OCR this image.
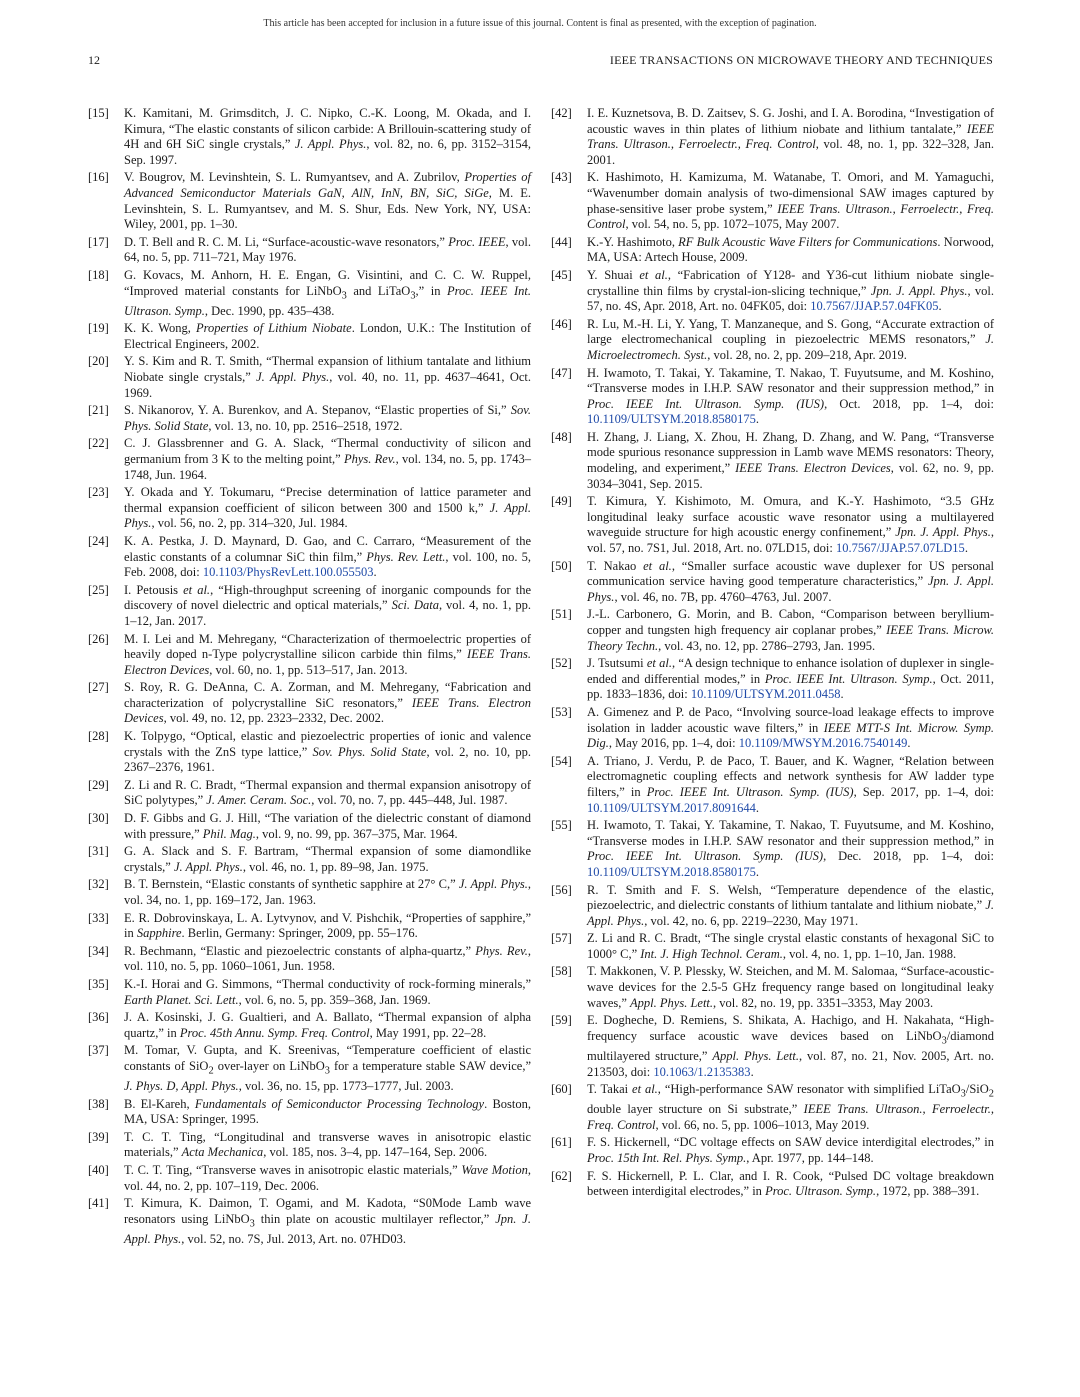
This article has been accepted for inclusion in a future issue of this journal. Content is final as presented, with the exception of pagination.
12	IEEE TRANSACTIONS ON MICROWAVE THEORY AND TECHNIQUES
[15] K. Kamitani, M. Grimsditch, J. C. Nipko, C.-K. Loong, M. Okada, and I. Kimura, “The elastic constants of silicon carbide: A Brillouin-scattering study of 4H and 6H SiC single crystals,” J. Appl. Phys., vol. 82, no. 6, pp. 3152–3154, Sep. 1997.
[16] V. Bougrov, M. Levinshtein, S. L. Rumyantsev, and A. Zubrilov, Properties of Advanced Semiconductor Materials GaN, AlN, InN, BN, SiC, SiGe, M. E. Levinshtein, S. L. Rumyantsev, and M. S. Shur, Eds. New York, NY, USA: Wiley, 2001, pp. 1–30.
[17] D. T. Bell and R. C. M. Li, “Surface-acoustic-wave resonators,” Proc. IEEE, vol. 64, no. 5, pp. 711–721, May 1976.
[18] G. Kovacs, M. Anhorn, H. E. Engan, G. Visintini, and C. C. W. Ruppel, “Improved material constants for LiNbO$_3$ and LiTaO$_3$,” in Proc. IEEE Int. Ultrason. Symp., Dec. 1990, pp. 435–438.
[19] K. K. Wong, Properties of Lithium Niobate. London, U.K.: The Institution of Electrical Engineers, 2002.
[20] Y. S. Kim and R. T. Smith, “Thermal expansion of lithium tantalate and lithium Niobate single crystals,” J. Appl. Phys., vol. 40, no. 11, pp. 4637–4641, Oct. 1969.
[21] S. Nikanorov, Y. A. Burenkov, and A. Stepanov, “Elastic properties of Si,” Sov. Phys. Solid State, vol. 13, no. 10, pp. 2516–2518, 1972.
[22] C. J. Glassbrenner and G. A. Slack, “Thermal conductivity of silicon and germanium from 3 K to the melting point,” Phys. Rev., vol. 134, no. 5, pp. 1743–1748, Jun. 1964.
[23] Y. Okada and Y. Tokumaru, “Precise determination of lattice parameter and thermal expansion coefficient of silicon between 300 and 1500 k,” J. Appl. Phys., vol. 56, no. 2, pp. 314–320, Jul. 1984.
[24] K. A. Pestka, J. D. Maynard, D. Gao, and C. Carraro, “Measurement of the elastic constants of a columnar SiC thin film,” Phys. Rev. Lett., vol. 100, no. 5, Feb. 2008, doi: 10.1103/PhysRevLett.100.055503.
[25] I. Petousis et al., “High-throughput screening of inorganic compounds for the discovery of novel dielectric and optical materials,” Sci. Data, vol. 4, no. 1, pp. 1–12, Jan. 2017.
[26] M. I. Lei and M. Mehregany, “Characterization of thermoelectric properties of heavily doped n-Type polycrystalline silicon carbide thin films,” IEEE Trans. Electron Devices, vol. 60, no. 1, pp. 513–517, Jan. 2013.
[27] S. Roy, R. G. DeAnna, C. A. Zorman, and M. Mehregany, “Fabrication and characterization of polycrystalline SiC resonators,” IEEE Trans. Electron Devices, vol. 49, no. 12, pp. 2323–2332, Dec. 2002.
[28] K. Tolpygo, “Optical, elastic and piezoelectric properties of ionic and valence crystals with the ZnS type lattice,” Sov. Phys. Solid State, vol. 2, no. 10, pp. 2367–2376, 1961.
[29] Z. Li and R. C. Bradt, “Thermal expansion and thermal expansion anisotropy of SiC polytypes,” J. Amer. Ceram. Soc., vol. 70, no. 7, pp. 445–448, Jul. 1987.
[30] D. F. Gibbs and G. J. Hill, “The variation of the dielectric constant of diamond with pressure,” Phil. Mag., vol. 9, no. 99, pp. 367–375, Mar. 1964.
[31] G. A. Slack and S. F. Bartram, “Thermal expansion of some diamondlike crystals,” J. Appl. Phys., vol. 46, no. 1, pp. 89–98, Jan. 1975.
[32] B. T. Bernstein, “Elastic constants of synthetic sapphire at 27° C,” J. Appl. Phys., vol. 34, no. 1, pp. 169–172, Jan. 1963.
[33] E. R. Dobrovinskaya, L. A. Lytvynov, and V. Pishchik, “Properties of sapphire,” in Sapphire. Berlin, Germany: Springer, 2009, pp. 55–176.
[34] R. Bechmann, “Elastic and piezoelectric constants of alpha-quartz,” Phys. Rev., vol. 110, no. 5, pp. 1060–1061, Jun. 1958.
[35] K.-I. Horai and G. Simmons, “Thermal conductivity of rock-forming minerals,” Earth Planet. Sci. Lett., vol. 6, no. 5, pp. 359–368, Jan. 1969.
[36] J. A. Kosinski, J. G. Gualtieri, and A. Ballato, “Thermal expansion of alpha quartz,” in Proc. 45th Annu. Symp. Freq. Control, May 1991, pp. 22–28.
[37] M. Tomar, V. Gupta, and K. Sreenivas, “Temperature coefficient of elastic constants of SiO$_2$ over-layer on LiNbO$_3$ for a temperature stable SAW device,” J. Phys. D, Appl. Phys., vol. 36, no. 15, pp. 1773–1777, Jul. 2003.
[38] B. El-Kareh, Fundamentals of Semiconductor Processing Technology. Boston, MA, USA: Springer, 1995.
[39] T. C. T. Ting, “Longitudinal and transverse waves in anisotropic elastic materials,” Acta Mechanica, vol. 185, nos. 3–4, pp. 147–164, Sep. 2006.
[40] T. C. T. Ting, “Transverse waves in anisotropic elastic materials,” Wave Motion, vol. 44, no. 2, pp. 107–119, Dec. 2006.
[41] T. Kimura, K. Daimon, T. Ogami, and M. Kadota, “S0Mode Lamb wave resonators using LiNbO$_3$ thin plate on acoustic multilayer reflector,” Jpn. J. Appl. Phys., vol. 52, no. 7S, Jul. 2013, Art. no. 07HD03.
[42] I. E. Kuznetsova, B. D. Zaitsev, S. G. Joshi, and I. A. Borodina, “Investigation of acoustic waves in thin plates of lithium niobate and lithium tantalate,” IEEE Trans. Ultrason., Ferroelectr., Freq. Control, vol. 48, no. 1, pp. 322–328, Jan. 2001.
[43] K. Hashimoto, H. Kamizuma, M. Watanabe, T. Omori, and M. Yamaguchi, “Wavenumber domain analysis of two-dimensional SAW images captured by phase-sensitive laser probe system,” IEEE Trans. Ultrason., Ferroelectr., Freq. Control, vol. 54, no. 5, pp. 1072–1075, May 2007.
[44] K.-Y. Hashimoto, RF Bulk Acoustic Wave Filters for Communications. Norwood, MA, USA: Artech House, 2009.
[45] Y. Shuai et al., “Fabrication of Y128- and Y36-cut lithium niobate single-crystalline thin films by crystal-ion-slicing technique,” Jpn. J. Appl. Phys., vol. 57, no. 4S, Apr. 2018, Art. no. 04FK05, doi: 10.7567/JJAP.57.04FK05.
[46] R. Lu, M.-H. Li, Y. Yang, T. Manzaneque, and S. Gong, “Accurate extraction of large electromechanical coupling in piezoelectric MEMS resonators,” J. Microelectromech. Syst., vol. 28, no. 2, pp. 209–218, Apr. 2019.
[47] H. Iwamoto, T. Takai, Y. Takamine, T. Nakao, T. Fuyutsume, and M. Koshino, “Transverse modes in I.H.P. SAW resonator and their suppression method,” in Proc. IEEE Int. Ultrason. Symp. (IUS), Oct. 2018, pp. 1–4, doi: 10.1109/ULTSYM.2018.8580175.
[48] H. Zhang, J. Liang, X. Zhou, H. Zhang, D. Zhang, and W. Pang, “Transverse mode spurious resonance suppression in Lamb wave MEMS resonators: Theory, modeling, and experiment,” IEEE Trans. Electron Devices, vol. 62, no. 9, pp. 3034–3041, Sep. 2015.
[49] T. Kimura, Y. Kishimoto, M. Omura, and K.-Y. Hashimoto, “3.5 GHz longitudinal leaky surface acoustic wave resonator using a multilayered waveguide structure for high acoustic energy confinement,” Jpn. J. Appl. Phys., vol. 57, no. 7S1, Jul. 2018, Art. no. 07LD15, doi: 10.7567/JJAP.57.07LD15.
[50] T. Nakao et al., “Smaller surface acoustic wave duplexer for US personal communication service having good temperature characteristics,” Jpn. J. Appl. Phys., vol. 46, no. 7B, pp. 4760–4763, Jul. 2007.
[51] J.-L. Carbonero, G. Morin, and B. Cabon, “Comparison between beryllium-copper and tungsten high frequency air coplanar probes,” IEEE Trans. Microw. Theory Techn., vol. 43, no. 12, pp. 2786–2793, Jan. 1995.
[52] J. Tsutsumi et al., “A design technique to enhance isolation of duplexer in single-ended and differential modes,” in Proc. IEEE Int. Ultrason. Symp., Oct. 2011, pp. 1833–1836, doi: 10.1109/ULTSYM.2011.0458.
[53] A. Gimenez and P. de Paco, “Involving source-load leakage effects to improve isolation in ladder acoustic wave filters,” in IEEE MTT-S Int. Microw. Symp. Dig., May 2016, pp. 1–4, doi: 10.1109/MWSYM.2016.7540149.
[54] A. Triano, J. Verdu, P. de Paco, T. Bauer, and K. Wagner, “Relation between electromagnetic coupling effects and network synthesis for AW ladder type filters,” in Proc. IEEE Int. Ultrason. Symp. (IUS), Sep. 2017, pp. 1–4, doi: 10.1109/ULTSYM.2017.8091644.
[55] H. Iwamoto, T. Takai, Y. Takamine, T. Nakao, T. Fuyutsume, and M. Koshino, “Transverse modes in I.H.P. SAW resonator and their suppression method,” in Proc. IEEE Int. Ultrason. Symp. (IUS), Dec. 2018, pp. 1–4, doi: 10.1109/ULTSYM.2018.8580175.
[56] R. T. Smith and F. S. Welsh, “Temperature dependence of the elastic, piezoelectric, and dielectric constants of lithium tantalate and lithium niobate,” J. Appl. Phys., vol. 42, no. 6, pp. 2219–2230, May 1971.
[57] Z. Li and R. C. Bradt, “The single crystal elastic constants of hexagonal SiC to 1000° C,” Int. J. High Technol. Ceram., vol. 4, no. 1, pp. 1–10, Jan. 1988.
[58] T. Makkonen, V. P. Plessky, W. Steichen, and M. M. Salomaa, “Surface-acoustic-wave devices for the 2.5-5 GHz frequency range based on longitudinal leaky waves,” Appl. Phys. Lett., vol. 82, no. 19, pp. 3351–3353, May 2003.
[59] E. Dogheche, D. Remiens, S. Shikata, A. Hachigo, and H. Nakahata, “High-frequency surface acoustic wave devices based on LiNbO$_3$/diamond multilayered structure,” Appl. Phys. Lett., vol. 87, no. 21, Nov. 2005, Art. no. 213503, doi: 10.1063/1.2135383.
[60] T. Takai et al., “High-performance SAW resonator with simplified LiTaO$_3$/SiO$_2$ double layer structure on Si substrate,” IEEE Trans. Ultrason., Ferroelectr., Freq. Control, vol. 66, no. 5, pp. 1006–1013, May 2019.
[61] F. S. Hickernell, “DC voltage effects on SAW device interdigital electrodes,” in Proc. 15th Int. Rel. Phys. Symp., Apr. 1977, pp. 144–148.
[62] F. S. Hickernell, P. L. Clar, and I. R. Cook, “Pulsed DC voltage breakdown between interdigital electrodes,” in Proc. Ultrason. Symp., 1972, pp. 388–391.
